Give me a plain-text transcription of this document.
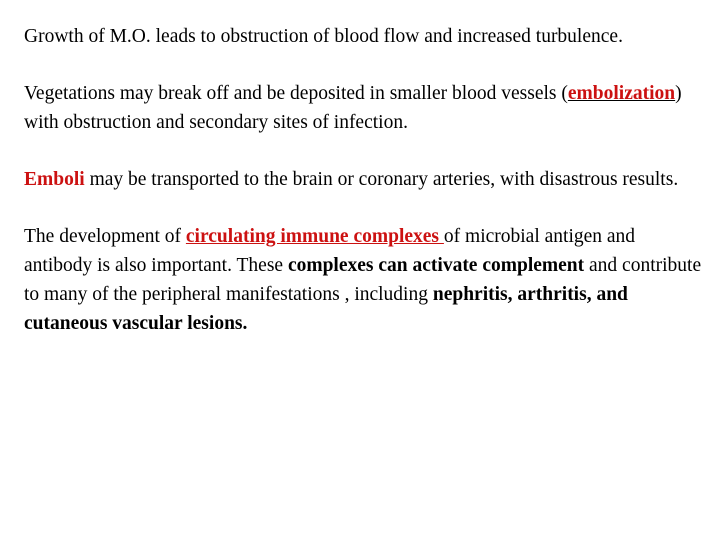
Growth of M.O. leads to obstruction of blood flow and increased turbulence.

Vegetations may break off and be deposited in smaller blood vessels (embolization) with obstruction and secondary sites of infection.

Emboli may be transported to the brain or coronary arteries, with disastrous results.

The development of circulating immune complexes of microbial antigen and antibody is also important. These complexes can activate complement and contribute to many of the peripheral manifestations , including nephritis, arthritis, and cutaneous vascular lesions.
